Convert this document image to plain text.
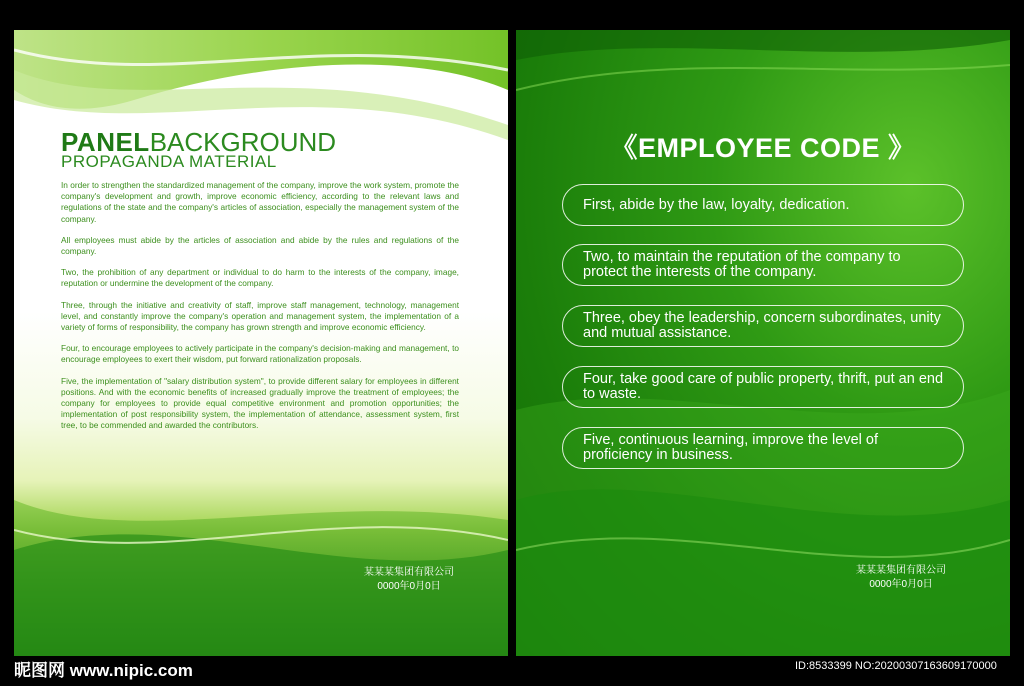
PANELBACKGROUND
PROPAGANDA MATERIAL

In order to strengthen the standardized management of the company, improve the work system, promote the company's development and growth, improve economic efficiency, according to the relevant laws and regulations of the state and the company's articles of association, especially the management system of the company.

All employees must abide by the articles of association and abide by the rules and regulations of the company.

Two, the prohibition of any department or individual to do harm to the interests of the company, image, reputation or undermine the development of the company.

Three, through the initiative and creativity of staff, improve staff management, technology, management level, and constantly improve the company's operation and management system, the implementation of a variety of forms of responsibility, the company has grown strength and improve economic efficiency.

Four, to encourage employees to actively participate in the company's decision-making and management, to encourage employees to exert their wisdom, put forward rationalization proposals.

Five, the implementation of "salary distribution system", to provide different salary for employees in different positions. And with the economic benefits of increased gradually improve the treatment of employees; the company for employees to provide equal competitive environment and promotion opportunities; the implementation of post responsibility system, the implementation of attendance, assessment system, first tree, to be commended and awarded the contributors.

某某某集团有限公司
0000年0月0日
《EMPLOYEE CODE 》
First, abide by the law, loyalty, dedication.
Two, to maintain the reputation of the company to protect the interests of the company.
Three, obey the leadership, concern subordinates, unity and mutual assistance.
Four, take good care of public property, thrift, put an end to waste.
Five, continuous learning, improve the level of proficiency in business.
某某某集团有限公司
0000年0月0日
昵图网 www.nipic.com	ID:8533399 NO:20200307163609170000
